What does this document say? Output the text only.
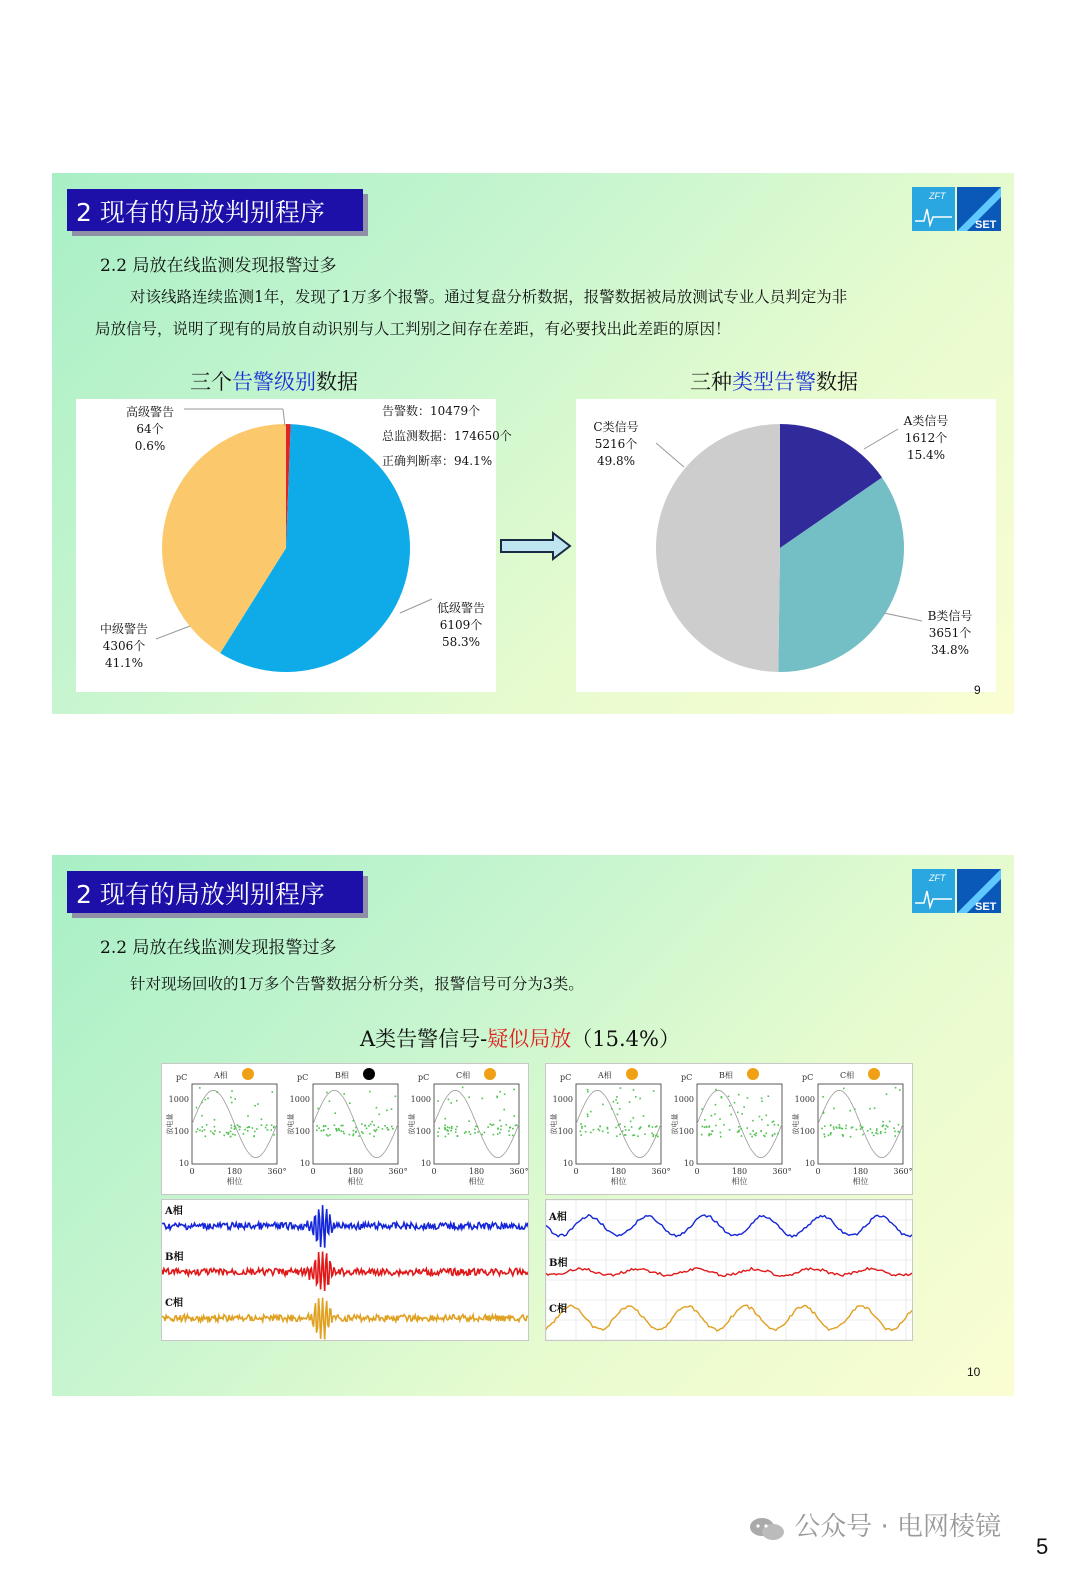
2 现有的局放判别程序
ZFT
SET
2.2 局放在线监测发现报警过多
对该线路连续监测1年，发现了1万多个报警。通过复盘分析数据，报警数据被局放测试专业人员判定为非
局放信号，说明了现有的局放自动识别与人工判别之间存在差距，有必要找出此差距的原因！
三个告警级别数据	三种类型告警数据
高级警告
64个
0.6%
低级警告
6109个
58.3%
中级警告
4306个
41.1%
告警数：10479个
总监测数据：174650个
正确判断率：94.1%
A类信号
1612个
15.4%
B类信号
3651个
34.8%
C类信号
5216个
49.8%
9
2 现有的局放判别程序
ZFT
SET
2.2 局放在线监测发现报警过多
针对现场回收的1万多个告警数据分析分类，报警信号可分为3类。
A类告警信号-疑似局放（15.4%）
pC	A相
1000
100
10
0	180	360°
相位
放电量
pC	B相
1000
100
10
0	180	360°
相位
放电量
pC	C相
1000
100
10
0	180	360°
相位
放电量
pC	A相
1000
100
10
0	180	360°
相位
放电量
pC	B相
1000
100
10
0	180	360°
相位
放电量
pC	C相
1000
100
10
0	180	360°
相位
放电量
A相
B相
C相
A相
B相
C相
10
公众号 · 电网棱镜
5
